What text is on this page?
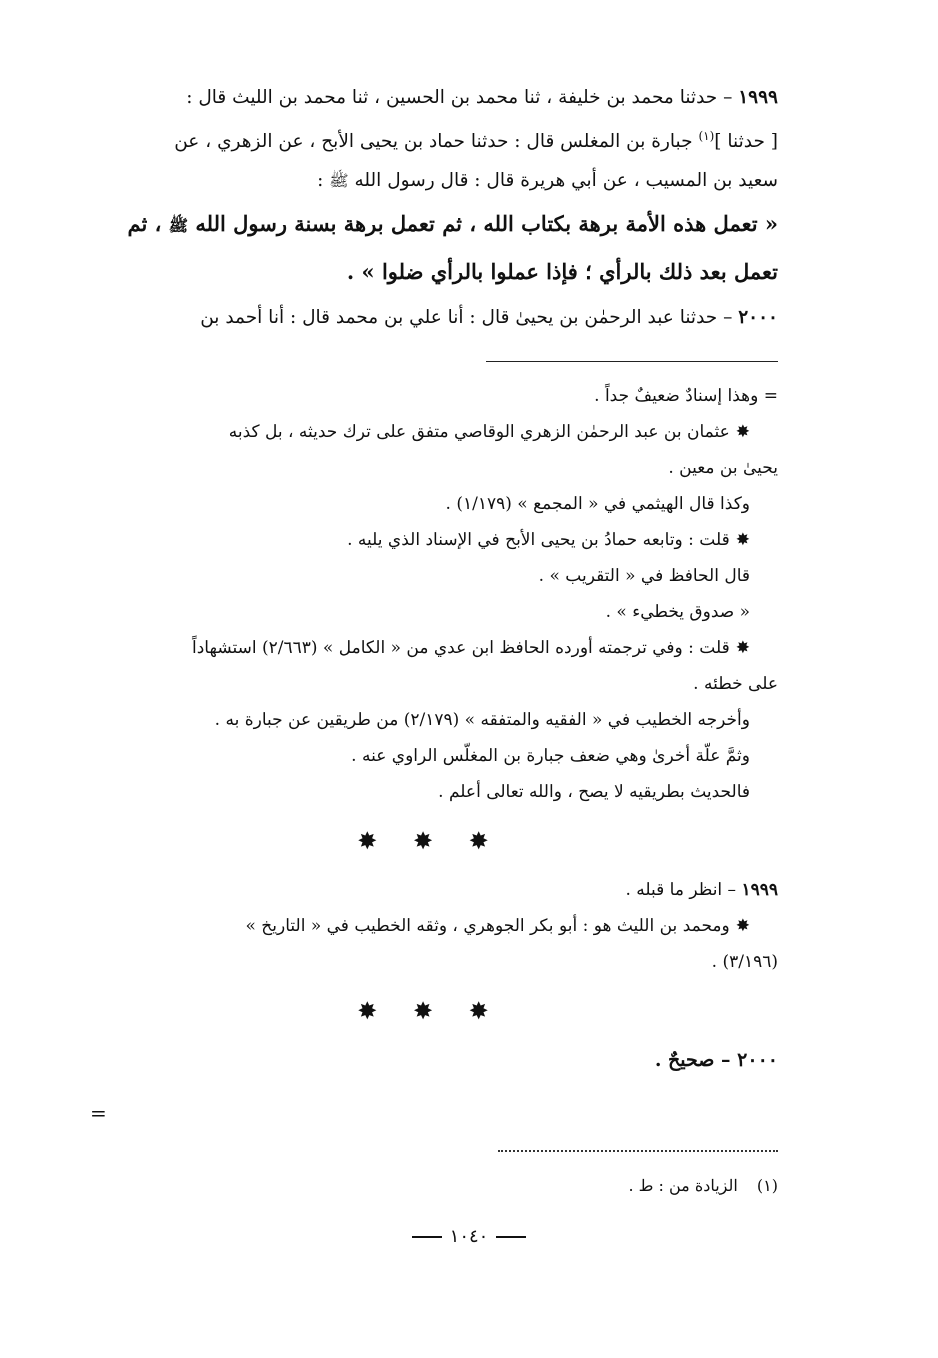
١٩٩٩ – حدثنا محمد بن خليفة ، ثنا محمد بن الحسين ، ثنا محمد بن الليث قال :

[ حدثنا ]$^{(١)}$ جبارة بن المغلس قال : حدثنا حماد بن يحيى الأبح ، عن الزهري ، عن

سعيد بن المسيب ، عن أبي هريرة قال : قال رسول الله ﷺ :

« تعمل هذه الأمة برهة بكتاب الله ، ثم تعمل برهة بسنة رسول الله ﷺ ، ثم

تعمل بعد ذلك بالرأي ؛ فإذا عملوا بالرأي ضلوا » .

٢٠٠٠ – حدثنا عبد الرحمٰن بن يحيىٰ قال : أنا علي بن محمد قال : أنا أحمد بن

= وهذا إسنادٌ ضعيفٌ جداً .

✸عثمان بن عبد الرحمٰن الزهري الوقاصي متفق على ترك حديثه ، بل كذبه

يحيىٰ بن معين .

وكذا قال الهيثمي في « المجمع » (١/١٧٩) .

✸قلت : وتابعه حمادُ بن يحيى الأبح في الإسناد الذي يليه .

قال الحافظ في « التقريب » .

« صدوق يخطيء » .

✸قلت : وفي ترجمته أورده الحافظ ابن عدي من « الكامل » (٢/٦٦٣) استشهاداً

على خطئه .

وأخرجه الخطيب في « الفقيه والمتفقه » (٢/١٧٩) من طريقين عن جبارة به .

وثمَّ علّة أخرىٰ وهي ضعف جبارة بن المغلّس الراوي عنه .

فالحديث بطريقيه لا يصح ، والله تعالى أعلم .

✸ ✸ ✸

١٩٩٩ – انظر ما قبله .

✸ومحمد بن الليث هو : أبو بكر الجوهري ، وثقه الخطيب في « التاريخ »

(٣/١٩٦) .

✸ ✸ ✸

٢٠٠٠ – صحيحٌ .

=
(١) الزيادة من : ط .
١٠٤٠
